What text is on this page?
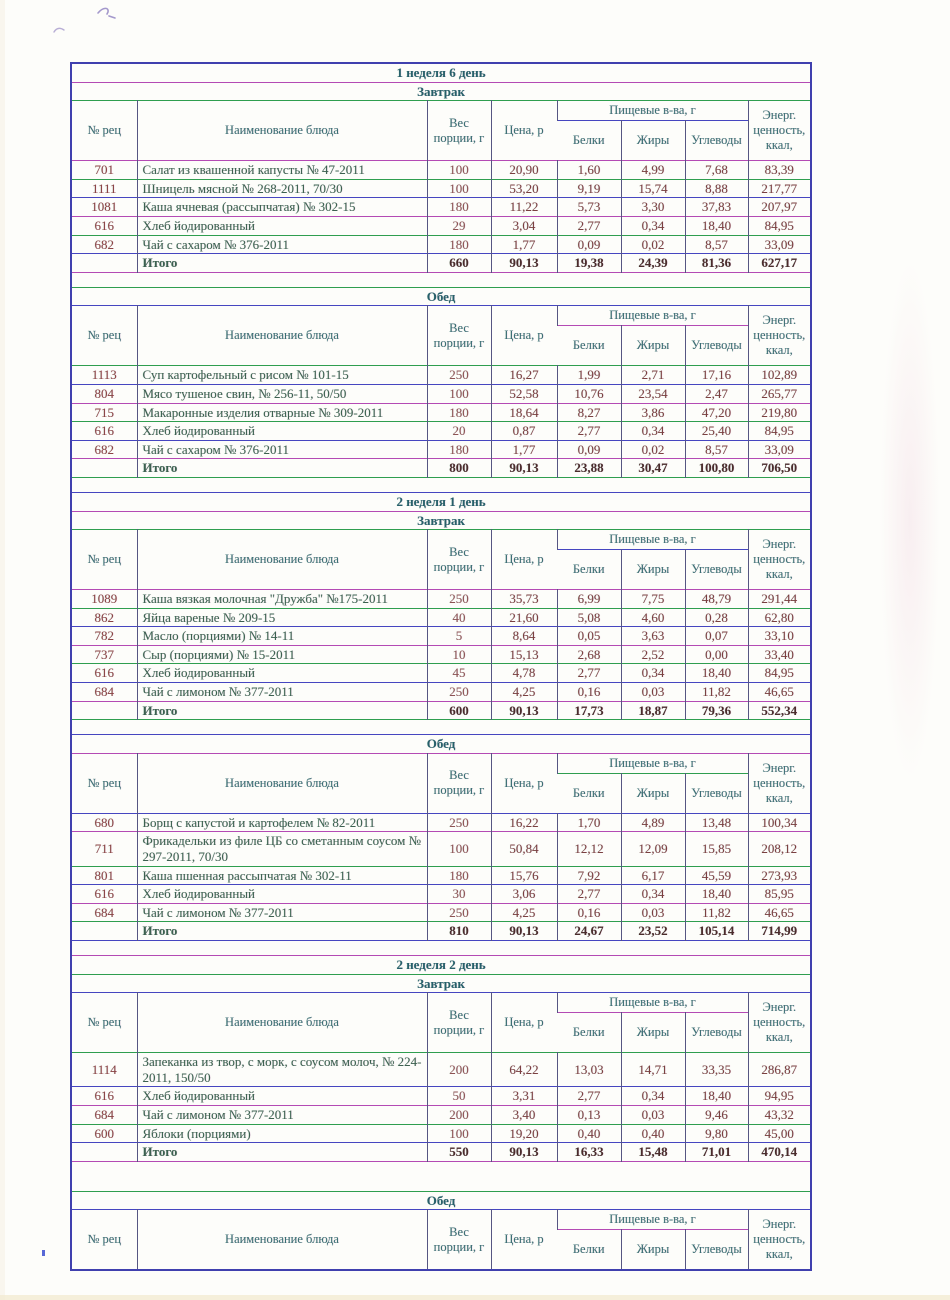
1 неделя 6 день							
Завтрак							
№ рец	Наименование блюда	Вес порции, г	Цена, р	Пищевые в-ва, г			Энерг. ценность, ккал,
				Белки	Жиры	Углеводы	
701	Салат из квашенной капусты № 47-2011	100	20,90	1,60	4,99	7,68	83,39
1111	Шницель мясной № 268-2011, 70/30	100	53,20	9,19	15,74	8,88	217,77
1081	Каша ячневая (рассыпчатая) № 302-15	180	11,22	5,73	3,30	37,83	207,97
616	Хлеб йодированный	29	3,04	2,77	0,34	18,40	84,95
682	Чай с сахаром № 376-2011	180	1,77	0,09	0,02	8,57	33,09
	Итого	660	90,13	19,38	24,39	81,36	627,17

Обед							
№ рец	Наименование блюда	Вес порции, г	Цена, р	Пищевые в-ва, г			Энерг. ценность, ккал,
				Белки	Жиры	Углеводы	
1113	Суп картофельный с рисом № 101-15	250	16,27	1,99	2,71	17,16	102,89
804	Мясо тушеное свин, № 256-11, 50/50	100	52,58	10,76	23,54	2,47	265,77
715	Макаронные изделия отварные № 309-2011	180	18,64	8,27	3,86	47,20	219,80
616	Хлеб йодированный	20	0,87	2,77	0,34	25,40	84,95
682	Чай с сахаром № 376-2011	180	1,77	0,09	0,02	8,57	33,09
	Итого	800	90,13	23,88	30,47	100,80	706,50

2 неделя 1 день							
Завтрак							
№ рец	Наименование блюда	Вес порции, г	Цена, р	Пищевые в-ва, г			Энерг. ценность, ккал,
				Белки	Жиры	Углеводы	
1089	Каша вязкая молочная "Дружба" №175-2011	250	35,73	6,99	7,75	48,79	291,44
862	Яйца вареные № 209-15	40	21,60	5,08	4,60	0,28	62,80
782	Масло (порциями) № 14-11	5	8,64	0,05	3,63	0,07	33,10
737	Сыр (порциями) № 15-2011	10	15,13	2,68	2,52	0,00	33,40
616	Хлеб йодированный	45	4,78	2,77	0,34	18,40	84,95
684	Чай с лимоном № 377-2011	250	4,25	0,16	0,03	11,82	46,65
	Итого	600	90,13	17,73	18,87	79,36	552,34

Обед							
№ рец	Наименование блюда	Вес порции, г	Цена, р	Пищевые в-ва, г			Энерг. ценность, ккал,
				Белки	Жиры	Углеводы	
680	Борщ с капустой и картофелем № 82-2011	250	16,22	1,70	4,89	13,48	100,34
711	Фрикадельки из филе ЦБ со сметанным соусом № 297-2011, 70/30	100	50,84	12,12	12,09	15,85	208,12
801	Каша пшенная рассыпчатая № 302-11	180	15,76	7,92	6,17	45,59	273,93
616	Хлеб йодированный	30	3,06	2,77	0,34	18,40	85,95
684	Чай с лимоном № 377-2011	250	4,25	0,16	0,03	11,82	46,65
	Итого	810	90,13	24,67	23,52	105,14	714,99

2 неделя 2 день							
Завтрак							
№ рец	Наименование блюда	Вес порции, г	Цена, р	Пищевые в-ва, г			Энерг. ценность, ккал,
				Белки	Жиры	Углеводы	
1114	Запеканка из твор, с морк, с соусом молоч, № 224-2011, 150/50	200	64,22	13,03	14,71	33,35	286,87
616	Хлеб йодированный	50	3,31	2,77	0,34	18,40	94,95
684	Чай с лимоном № 377-2011	200	3,40	0,13	0,03	9,46	43,32
600	Яблоки (порциями)	100	19,20	0,40	0,40	9,80	45,00
	Итого	550	90,13	16,33	15,48	71,01	470,14

Обед							
№ рец	Наименование блюда	Вес порции, г	Цена, р	Пищевые в-ва, г			Энерг. ценность, ккал,
				Белки	Жиры	Углеводы	
